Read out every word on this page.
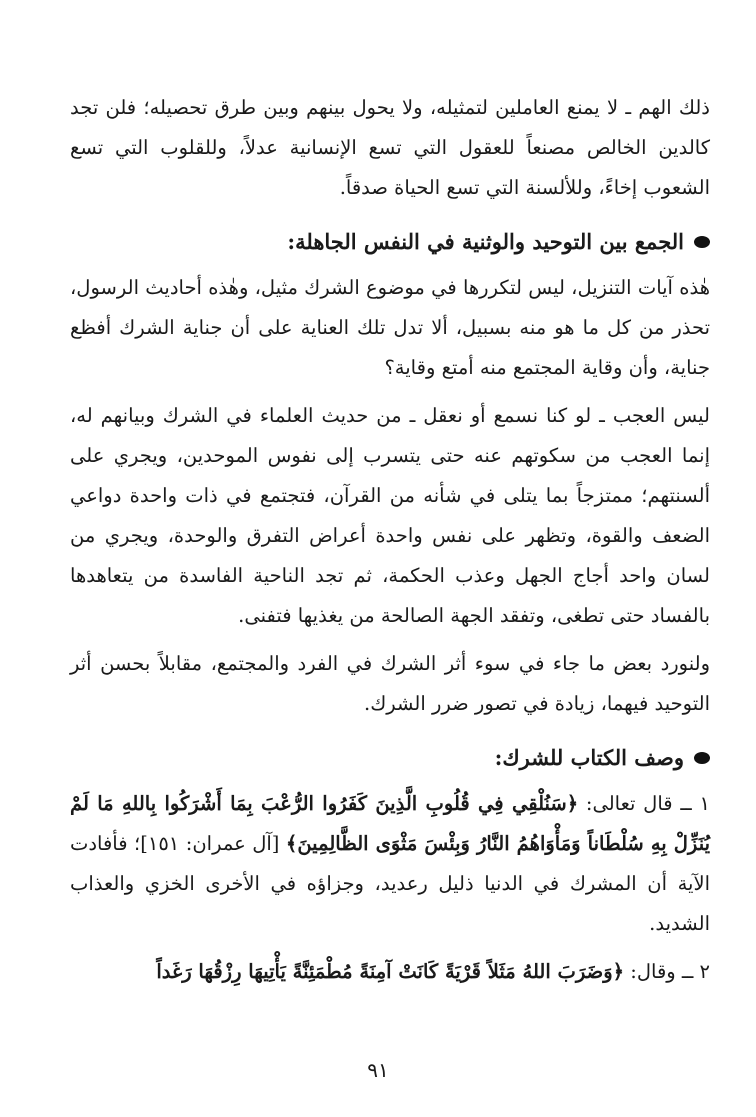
ذلك الهم ـ لا يمنع العاملين لتمثيله، ولا يحول بينهم وبين طرق تحصيله؛ فلن تجد كالدين الخالص مصنعاً للعقول التي تسع الإنسانية عدلاً، وللقلوب التي تسع الشعوب إخاءً، وللألسنة التي تسع الحياة صدقاً.

الجمع بين التوحيد والوثنية في النفس الجاهلة:

هٰذه آيات التنزيل، ليس لتكررها في موضوع الشرك مثيل، وهٰذه أحاديث الرسول، تحذر من كل ما هو منه بسبيل، ألا تدل تلك العناية على أن جناية الشرك أفظع جناية، وأن وقاية المجتمع منه أمتع وقاية؟

ليس العجب ـ لو كنا نسمع أو نعقل ـ من حديث العلماء في الشرك وبيانهم له، إنما العجب من سكوتهم عنه حتى يتسرب إلى نفوس الموحدين، ويجري على ألسنتهم؛ ممتزجاً بما يتلى في شأنه من القرآن، فتجتمع في ذات واحدة دواعي الضعف والقوة، وتظهر على نفس واحدة أعراض التفرق والوحدة، ويجري من لسان واحد أجاج الجهل وعذب الحكمة، ثم تجد الناحية الفاسدة من يتعاهدها بالفساد حتى تطغى، وتفقد الجهة الصالحة من يغذيها فتفنى.

ولنورد بعض ما جاء في سوء أثر الشرك في الفرد والمجتمع، مقابلاً بحسن أثر التوحيد فيهما، زيادة في تصور ضرر الشرك.

وصف الكتاب للشرك:

١ ــ قال تعالى: ﴿سَنُلْقِي فِي قُلُوبِ الَّذِينَ كَفَرُوا الرُّعْبَ بِمَا أَشْرَكُوا بِاللهِ مَا لَمْ يُنَزِّلْ بِهِ سُلْطَاناً وَمَأْوَاهُمُ النَّارُ وَبِئْسَ مَثْوَى الظَّالِمِينَ﴾ [آل عمران: ١٥١]؛ فأفادت الآية أن المشرك في الدنيا ذليل رعديد، وجزاؤه في الأخرى الخزي والعذاب الشديد.

٢ ــ وقال: ﴿وَضَرَبَ اللهُ مَثَلاً قَرْيَةً كَانَتْ آمِنَةً مُطْمَئِنَّةً يَأْتِيهَا رِزْقُهَا رَغَداً

٩١
